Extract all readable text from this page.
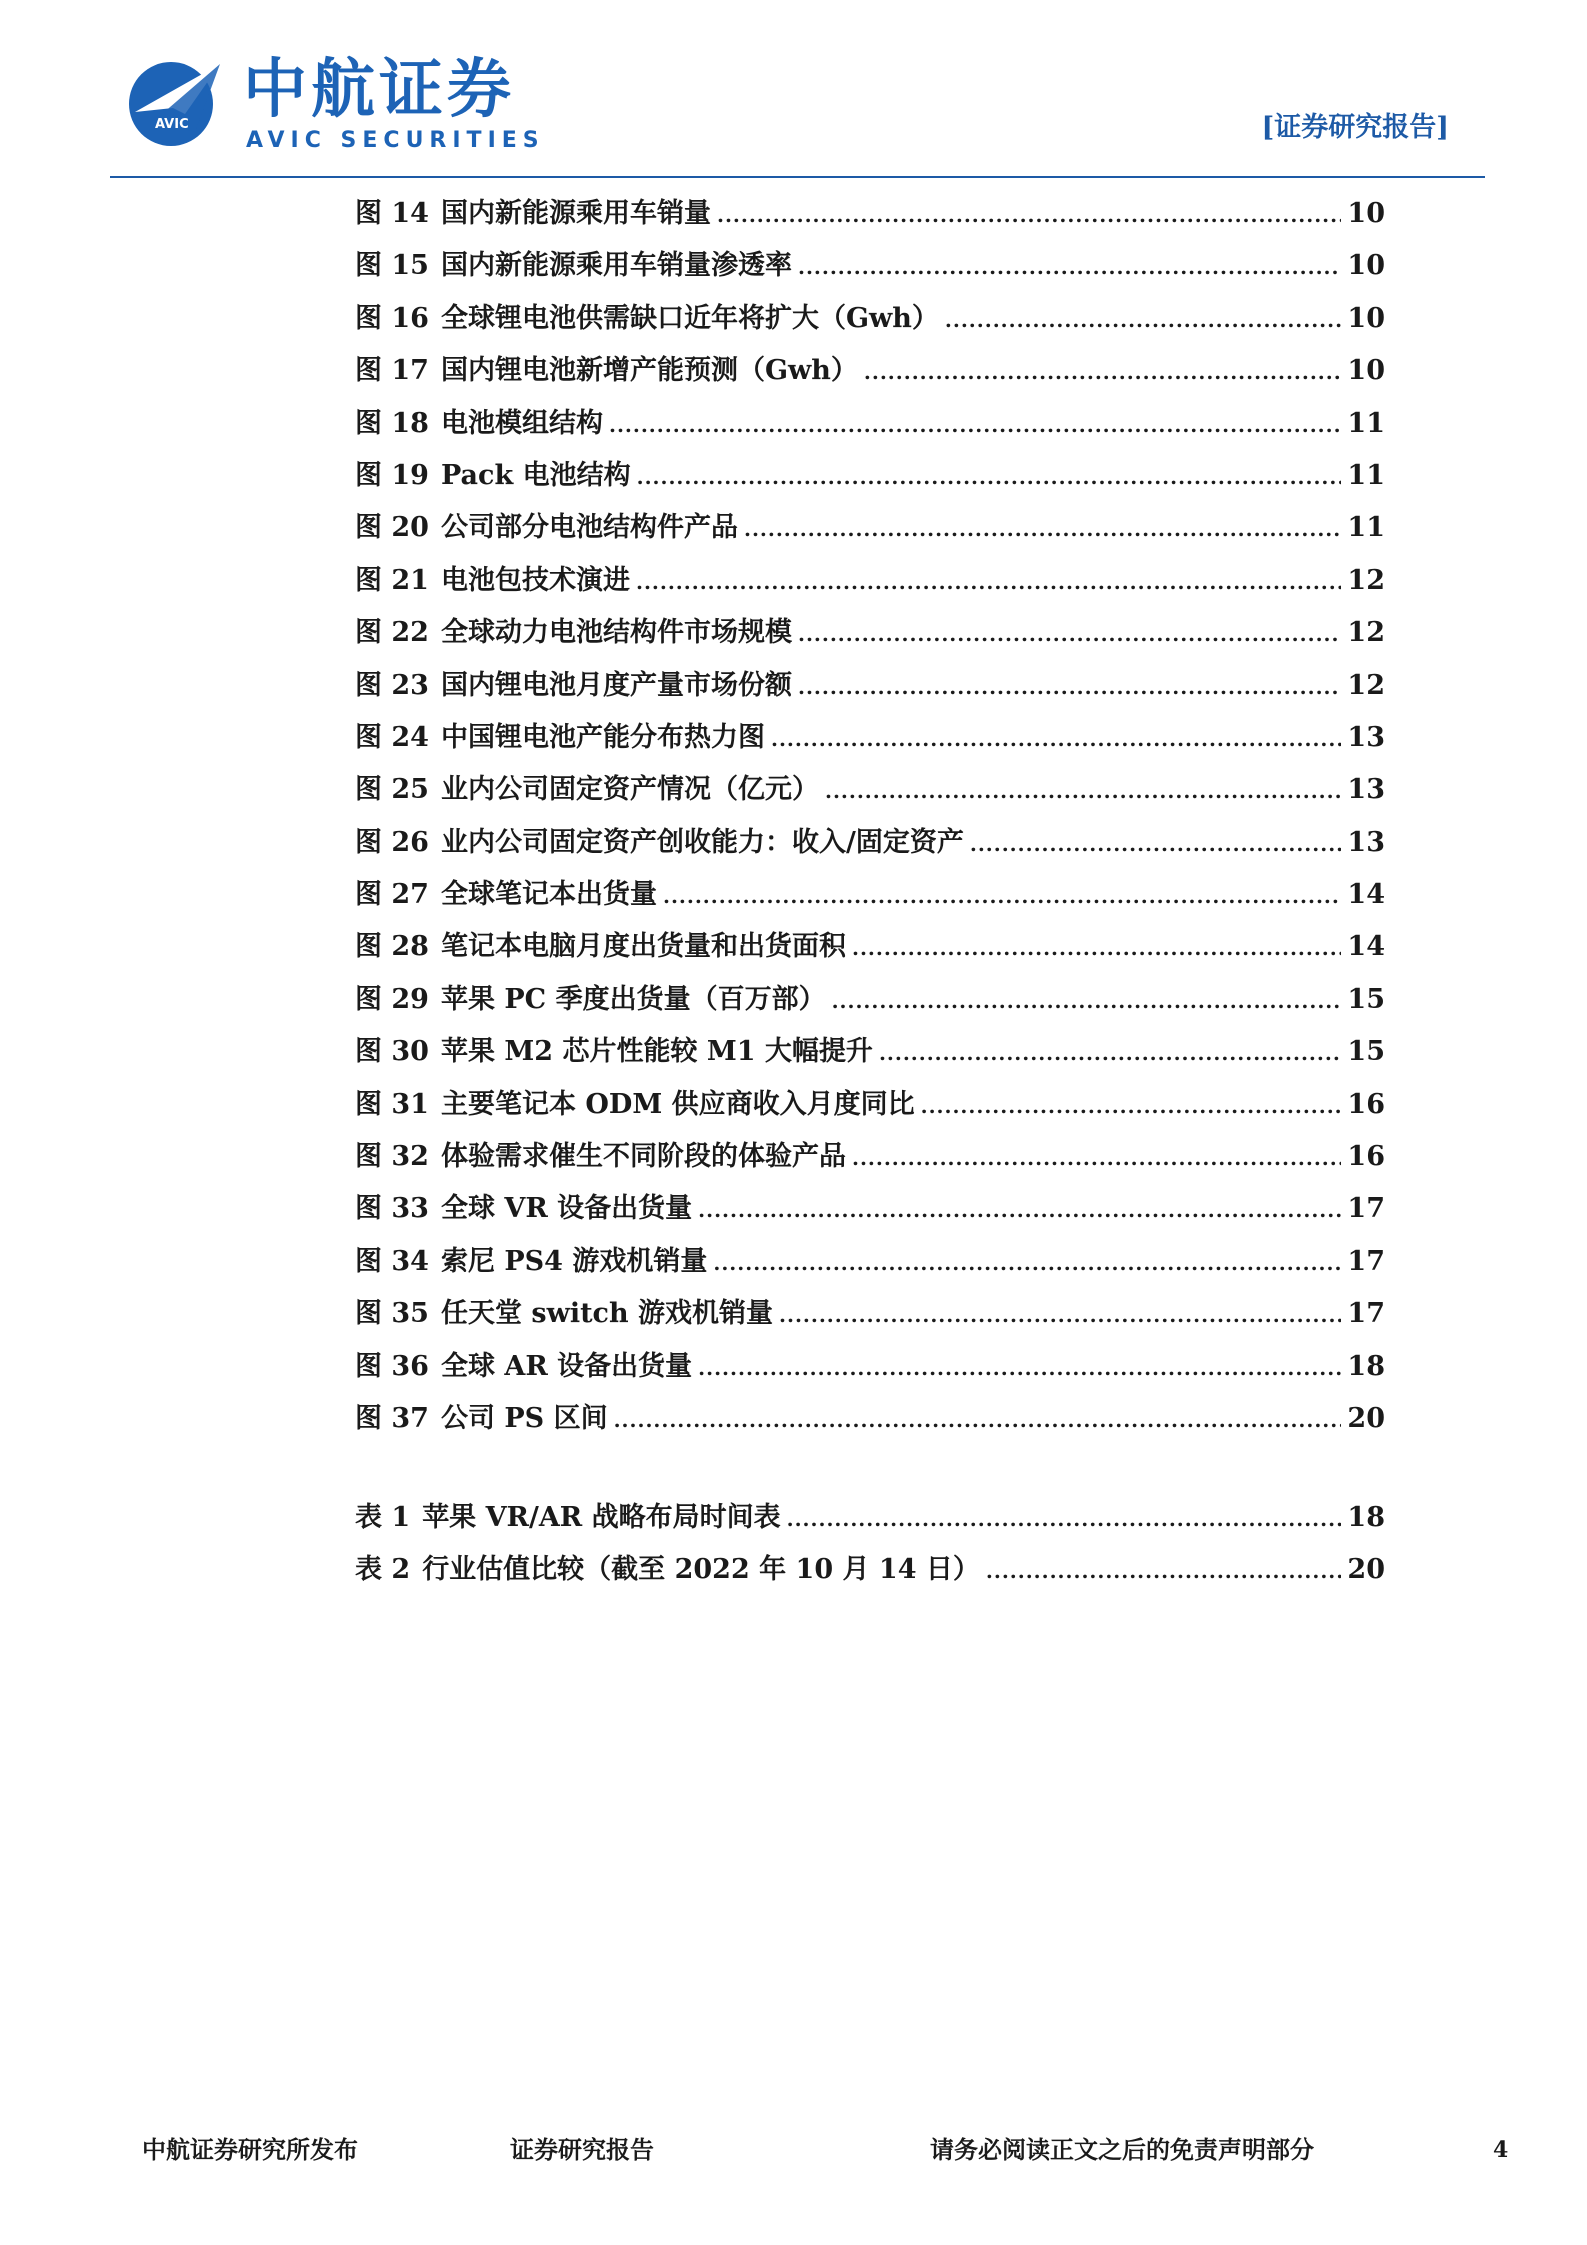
AVIC 中航证券
AVIC SECURITIES	[证券研究报告]
图 14 国内新能源乘用车销量 .....	10
图 15 国内新能源乘用车销量渗透率 .....	10
图 16 全球锂电池供需缺口近年将扩大（Gwh） .....	10
图 17 国内锂电池新增产能预测（Gwh） .....	10
图 18 电池模组结构 .....	11
图 19 Pack 电池结构 .....	11
图 20 公司部分电池结构件产品 .....	11
图 21 电池包技术演进 .....	12
图 22 全球动力电池结构件市场规模 .....	12
图 23 国内锂电池月度产量市场份额 .....	12
图 24 中国锂电池产能分布热力图 .....	13
图 25 业内公司固定资产情况（亿元） .....	13
图 26 业内公司固定资产创收能力：收入/固定资产 .....	13
图 27 全球笔记本出货量 .....	14
图 28 笔记本电脑月度出货量和出货面积 .....	14
图 29 苹果 PC 季度出货量（百万部） .....	15
图 30 苹果 M2 芯片性能较 M1 大幅提升 .....	15
图 31 主要笔记本 ODM 供应商收入月度同比 .....	16
图 32 体验需求催生不同阶段的体验产品 .....	16
图 33 全球 VR 设备出货量 .....	17
图 34 索尼 PS4 游戏机销量 .....	17
图 35 任天堂 switch 游戏机销量 .....	17
图 36 全球 AR 设备出货量 .....	18
图 37 公司 PS 区间 .....	20
表 1 苹果 VR/AR 战略布局时间表 .....	18
表 2 行业估值比较（截至 2022 年 10 月 14 日） .....	20
中航证券研究所发布	证券研究报告	请务必阅读正文之后的免责声明部分	4
